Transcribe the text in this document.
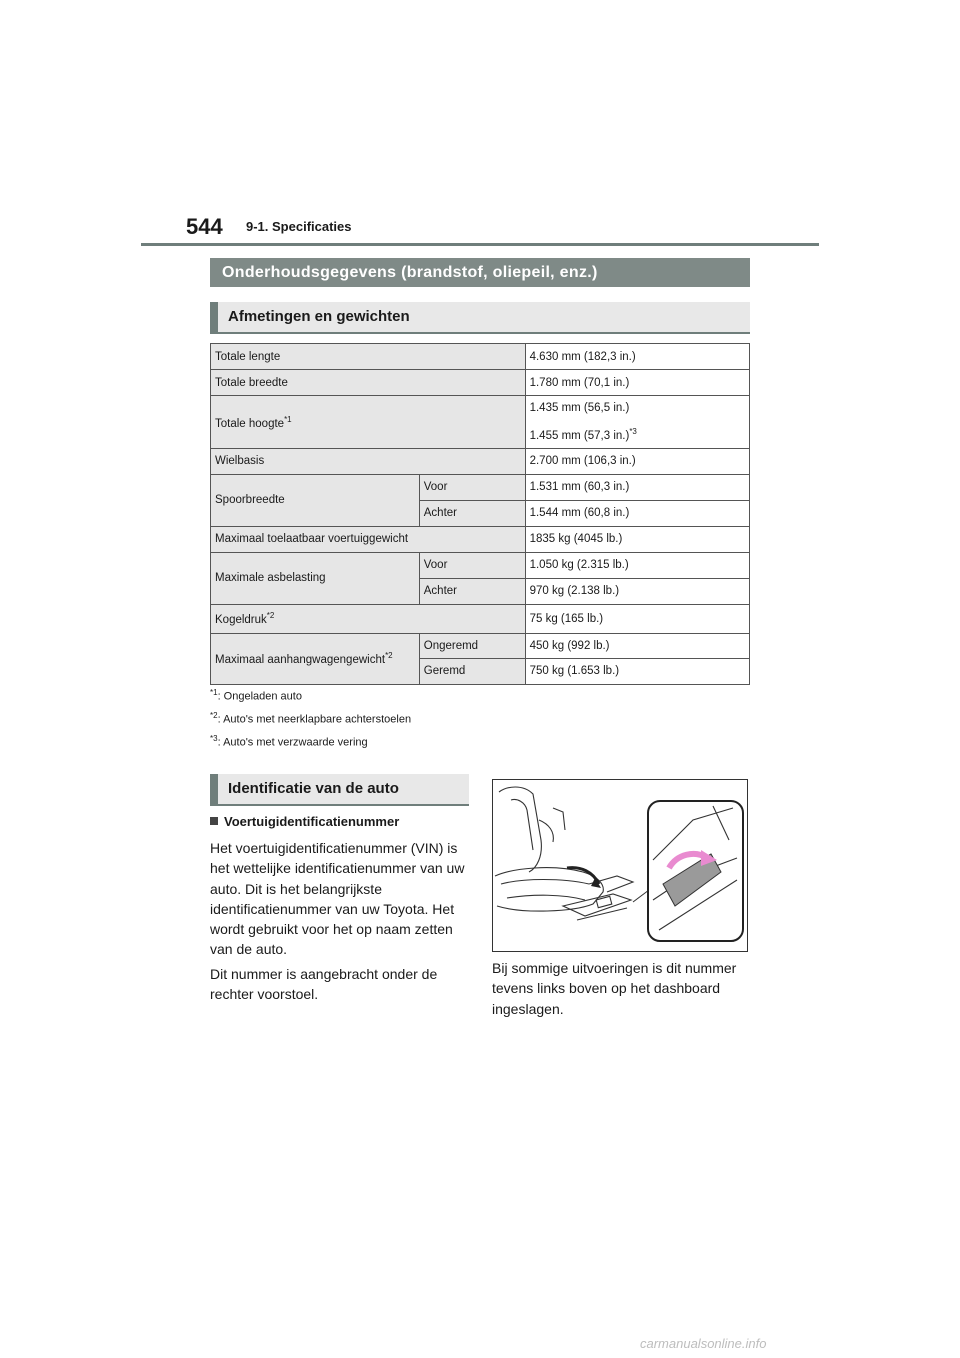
544 9-1. Specificaties
Onderhoudsgegevens (brandstof, oliepeil, enz.)
Afmetingen en gewichten
Totale lengte		4.630 mm (182,3 in.)
Totale breedte		1.780 mm (70,1 in.)
Totale hoogte$^{*1}$		1.435 mm (56,5 in.)
1.455 mm (57,3 in.)$^{*3}$

Wielbasis		2.700 mm (106,3 in.)
Spoorbreedte	Voor	1.531 mm (60,3 in.)
	Achter	1.544 mm (60,8 in.)
Maximaal toelaatbaar voertuiggewicht		1835 kg (4045 lb.)
Maximale asbelasting	Voor	1.050 kg (2.315 lb.)
	Achter	970 kg (2.138 lb.)
Kogeldruk$^{*2}$		75 kg (165 lb.)
Maximaal aanhangwagengewicht$^{*2}$	Ongeremd	450 kg (992 lb.)
	Geremd	750 kg (1.653 lb.)
$^{*1}$: Ongeladen auto
$^{*2}$: Auto's met neerklapbare achterstoelen
$^{*3}$: Auto's met verzwaarde vering
Identificatie van de auto
Voertuigidentificatienummer
Het voertuigidentificatienummer (VIN) is het wettelijke identificatienummer van uw auto. Dit is het belangrijkste identificatienummer van uw Toyota. Het wordt gebruikt voor het op naam zetten van de auto.
Dit nummer is aangebracht onder de rechter voorstoel.
Bij sommige uitvoeringen is dit nummer tevens links boven op het dashboard ingeslagen.
carmanualsonline.info
